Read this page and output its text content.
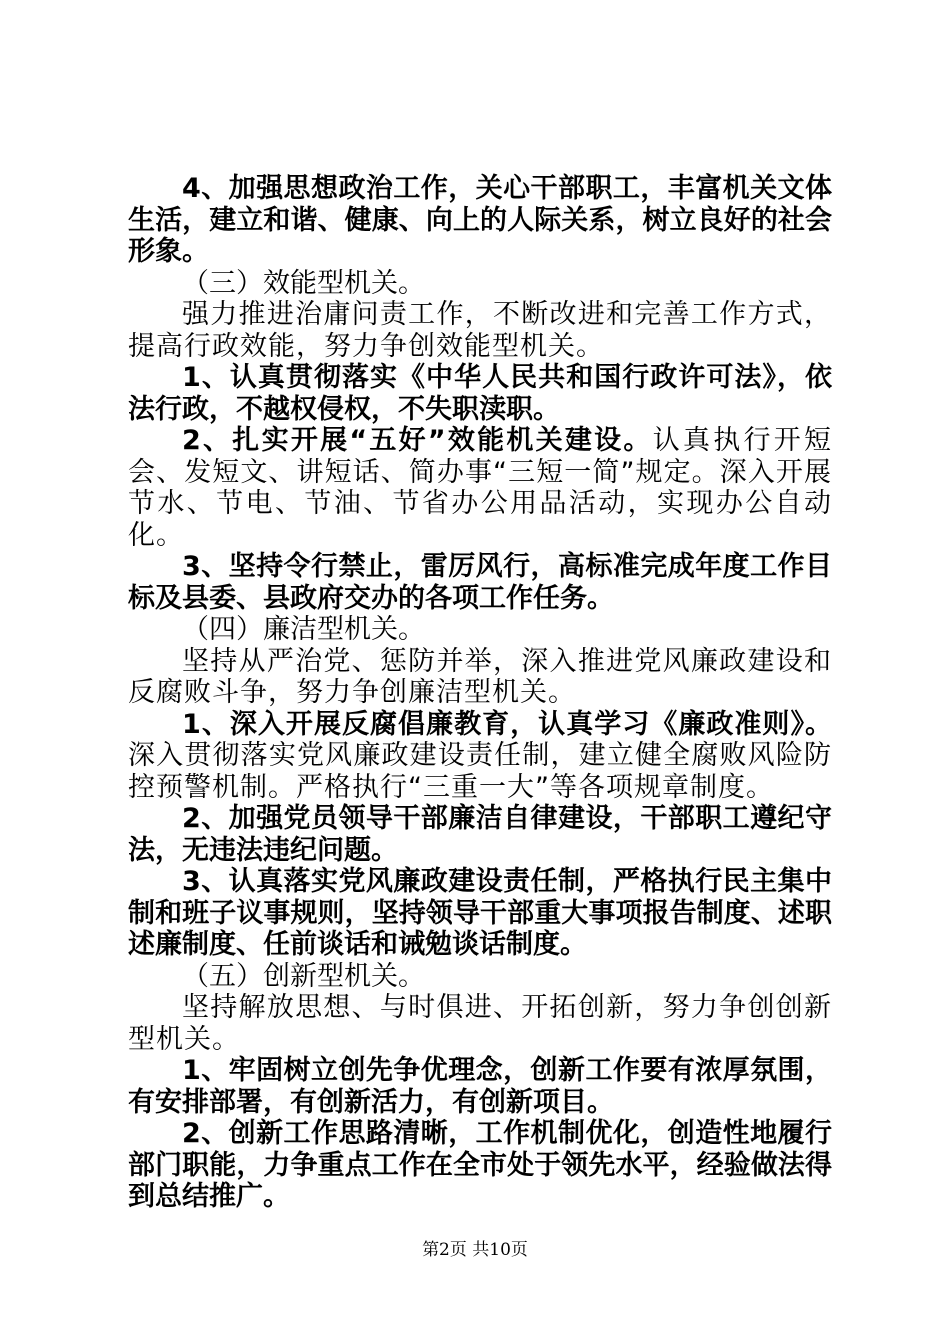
4、加强思想政治工作，关心干部职工，丰富机关文体生活，建立和谐、健康、向上的人际关系，树立良好的社会形象。

（三）效能型机关。

强力推进治庸问责工作，不断改进和完善工作方式，提高行政效能，努力争创效能型机关。

1、认真贯彻落实《中华人民共和国行政许可法》，依法行政，不越权侵权，不失职渎职。

2、扎实开展“五好”效能机关建设。认真执行开短会、发短文、讲短话、简办事“三短一简”规定。深入开展节水、节电、节油、节省办公用品活动，实现办公自动化。

3、坚持令行禁止，雷厉风行，高标准完成年度工作目标及县委、县政府交办的各项工作任务。

（四）廉洁型机关。

坚持从严治党、惩防并举，深入推进党风廉政建设和反腐败斗争，努力争创廉洁型机关。

1、深入开展反腐倡廉教育，认真学习《廉政准则》。深入贯彻落实党风廉政建设责任制，建立健全腐败风险防控预警机制。严格执行“三重一大”等各项规章制度。

2、加强党员领导干部廉洁自律建设，干部职工遵纪守法，无违法违纪问题。

3、认真落实党风廉政建设责任制，严格执行民主集中制和班子议事规则，坚持领导干部重大事项报告制度、述职述廉制度、任前谈话和诫勉谈话制度。

（五）创新型机关。

坚持解放思想、与时俱进、开拓创新，努力争创创新型机关。

1、牢固树立创先争优理念，创新工作要有浓厚氛围，有安排部署，有创新活力，有创新项目。

2、创新工作思路清晰，工作机制优化，创造性地履行部门职能，力争重点工作在全市处于领先水平，经验做法得到总结推广。

第2页 共10页
